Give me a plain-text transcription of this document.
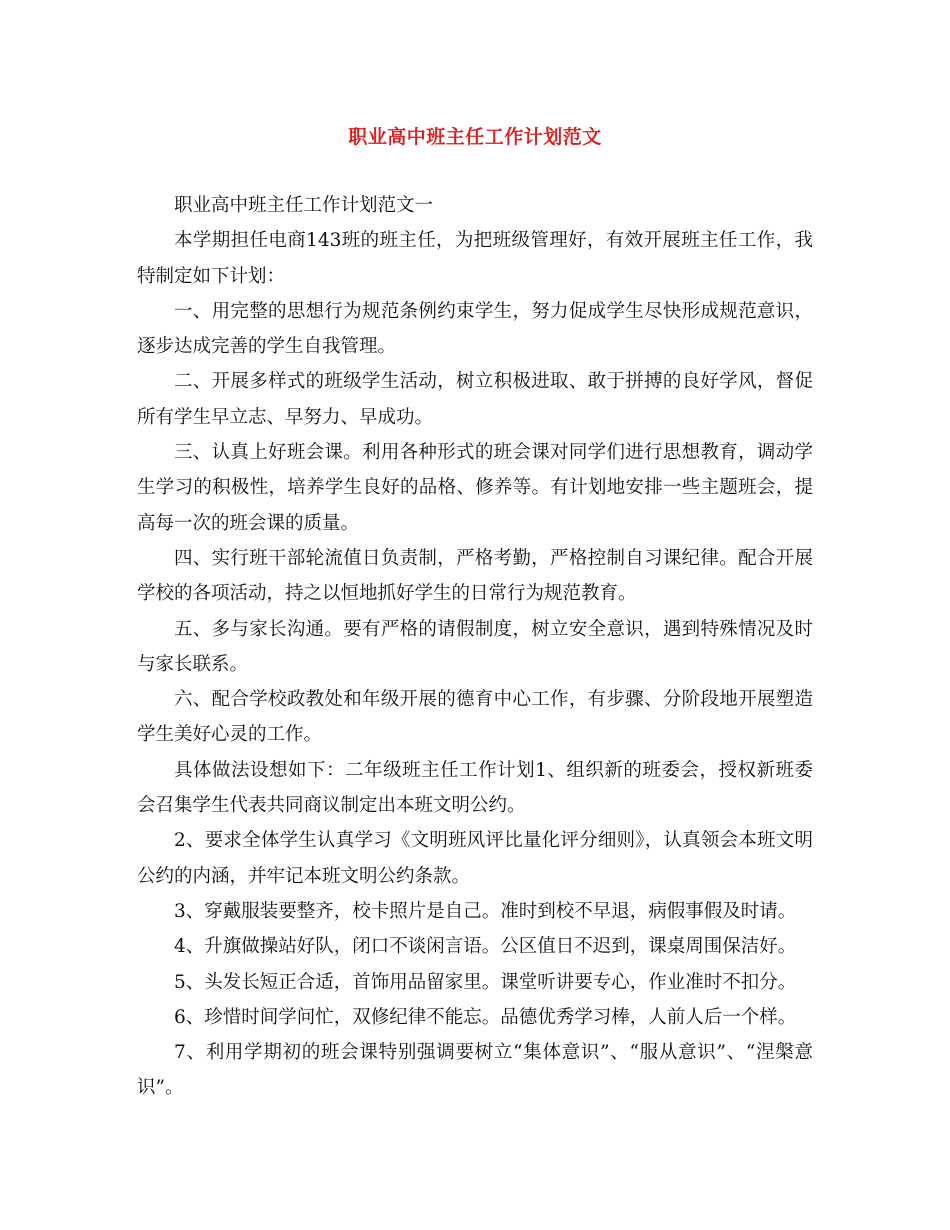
职业高中班主任工作计划范文

职业高中班主任工作计划范文一

本学期担任电商143班的班主任，为把班级管理好，有效开展班主任工作，我特制定如下计划：

一、用完整的思想行为规范条例约束学生，努力促成学生尽快形成规范意识，逐步达成完善的学生自我管理。

二、开展多样式的班级学生活动，树立积极进取、敢于拼搏的良好学风，督促所有学生早立志、早努力、早成功。

三、认真上好班会课。利用各种形式的班会课对同学们进行思想教育，调动学生学习的积极性，培养学生良好的品格、修养等。有计划地安排一些主题班会，提高每一次的班会课的质量。

四、实行班干部轮流值日负责制，严格考勤，严格控制自习课纪律。配合开展学校的各项活动，持之以恒地抓好学生的日常行为规范教育。

五、多与家长沟通。要有严格的请假制度，树立安全意识，遇到特殊情况及时与家长联系。

六、配合学校政教处和年级开展的德育中心工作，有步骤、分阶段地开展塑造学生美好心灵的工作。

具体做法设想如下：二年级班主任工作计划1、组织新的班委会，授权新班委会召集学生代表共同商议制定出本班文明公约。

2、要求全体学生认真学习《文明班风评比量化评分细则》，认真领会本班文明公约的内涵，并牢记本班文明公约条款。

3、穿戴服装要整齐，校卡照片是自己。准时到校不早退，病假事假及时请。

4、升旗做操站好队，闭口不谈闲言语。公区值日不迟到，课桌周围保洁好。

5、头发长短正合适，首饰用品留家里。课堂听讲要专心，作业准时不扣分。

6、珍惜时间学问忙，双修纪律不能忘。品德优秀学习棒，人前人后一个样。

7、利用学期初的班会课特别强调要树立“集体意识”、“服从意识”、“涅槃意识”。
